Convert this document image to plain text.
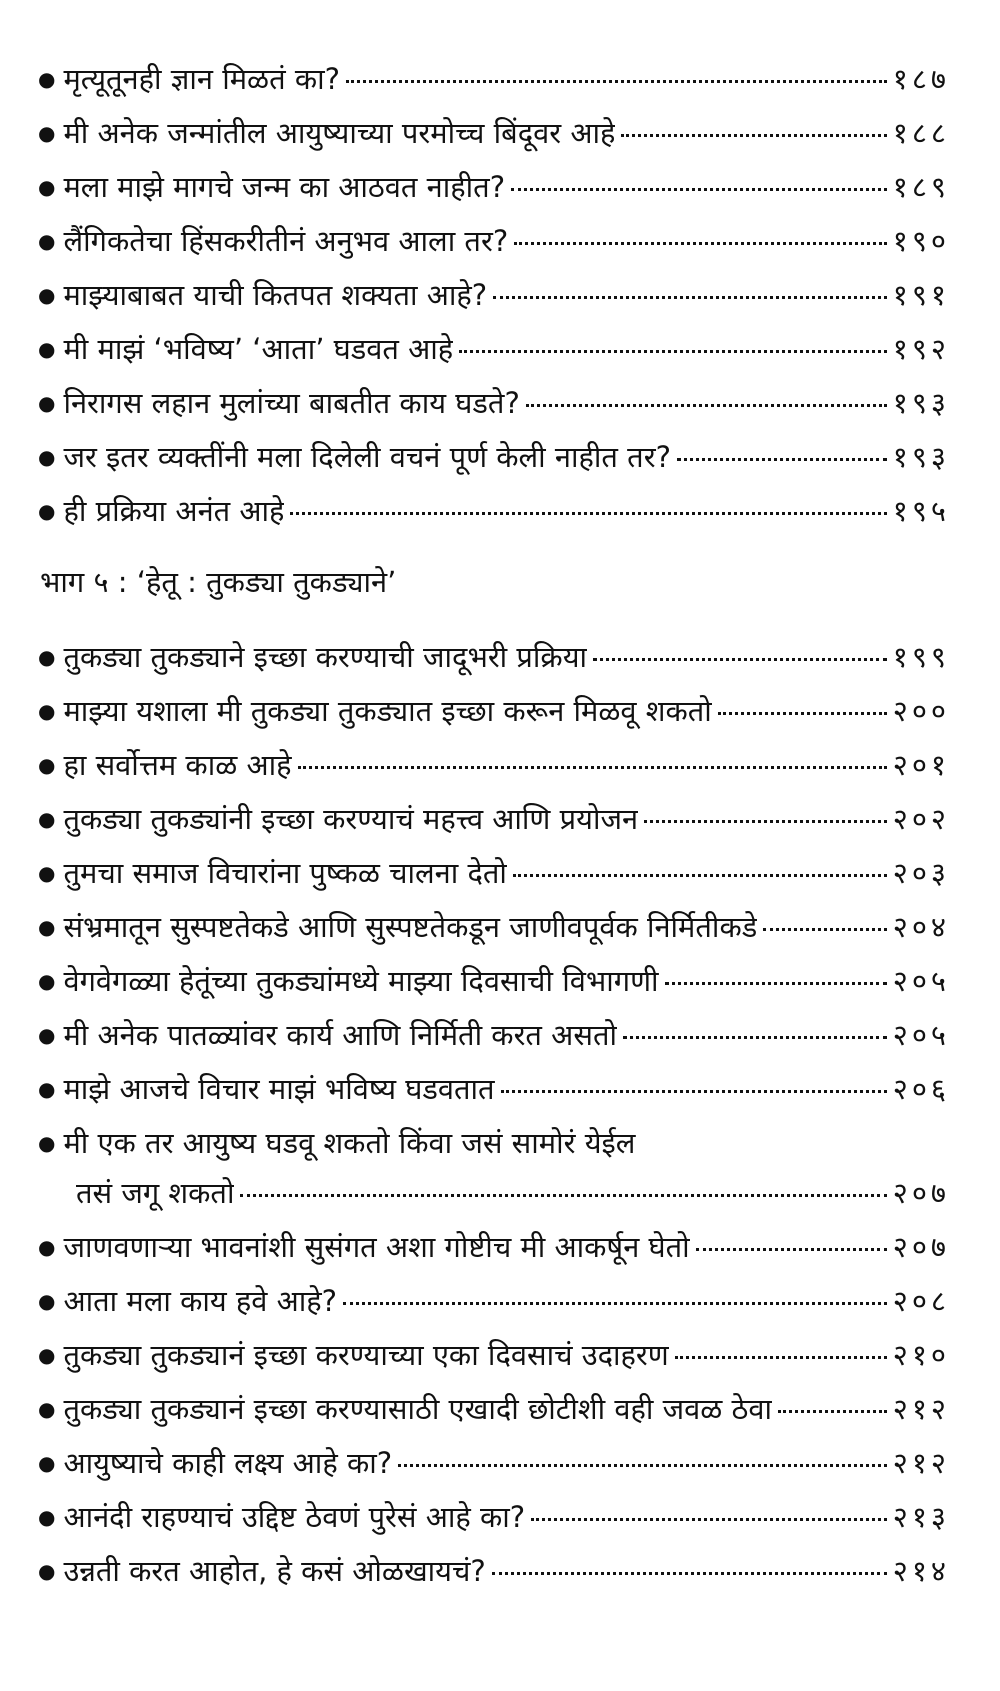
● मृत्यूतूनही ज्ञान मिळतं का?	१८७
● मी अनेक जन्मांतील आयुष्याच्या परमोच्च बिंदूवर आहे	१८८
● मला माझे मागचे जन्म का आठवत नाहीत?	१८९
● लैंगिकतेचा हिंसकरीतीनं अनुभव आला तर?	१९०
● माझ्याबाबत याची कितपत शक्यता आहे?	१९१
● मी माझं ‘भविष्य’ ‘आता’ घडवत आहे	१९२
● निरागस लहान मुलांच्या बाबतीत काय घडते?	१९३
● जर इतर व्यक्तींनी मला दिलेली वचनं पूर्ण केली नाहीत तर?	१९३
● ही प्रक्रिया अनंत आहे	१९५
भाग ५ : ‘हेतू : तुकड्या तुकड्याने’
● तुकड्या तुकड्याने इच्छा करण्याची जादूभरी प्रक्रिया	१९९
● माझ्या यशाला मी तुकड्या तुकड्यात इच्छा करून मिळवू शकतो	२००
● हा सर्वोत्तम काळ आहे	२०१
● तुकड्या तुकड्यांनी इच्छा करण्याचं महत्त्व आणि प्रयोजन	२०२
● तुमचा समाज विचारांना पुष्कळ चालना देतो	२०३
● संभ्रमातून सुस्पष्टतेकडे आणि सुस्पष्टतेकडून जाणीवपूर्वक निर्मितीकडे	२०४
● वेगवेगळ्या हेतूंच्या तुकड्यांमध्ये माझ्या दिवसाची विभागणी	२०५
● मी अनेक पातळ्यांवर कार्य आणि निर्मिती करत असतो	२०५
● माझे आजचे विचार माझं भविष्य घडवतात	२०६
● मी एक तर आयुष्य घडवू शकतो किंवा जसं सामोरं येईल
तसं जगू शकतो	२०७
● जाणवणाऱ्या भावनांशी सुसंगत अशा गोष्टीच मी आकर्षून घेतो	२०७
● आता मला काय हवे आहे?	२०८
● तुकड्या तुकड्यानं इच्छा करण्याच्या एका दिवसाचं उदाहरण	२१०
● तुकड्या तुकड्यानं इच्छा करण्यासाठी एखादी छोटीशी वही जवळ ठेवा	२१२
● आयुष्याचे काही लक्ष्य आहे का?	२१२
● आनंदी राहण्याचं उद्दिष्ट ठेवणं पुरेसं आहे का?	२१३
● उन्नती करत आहोत, हे कसं ओळखायचं?	२१४
